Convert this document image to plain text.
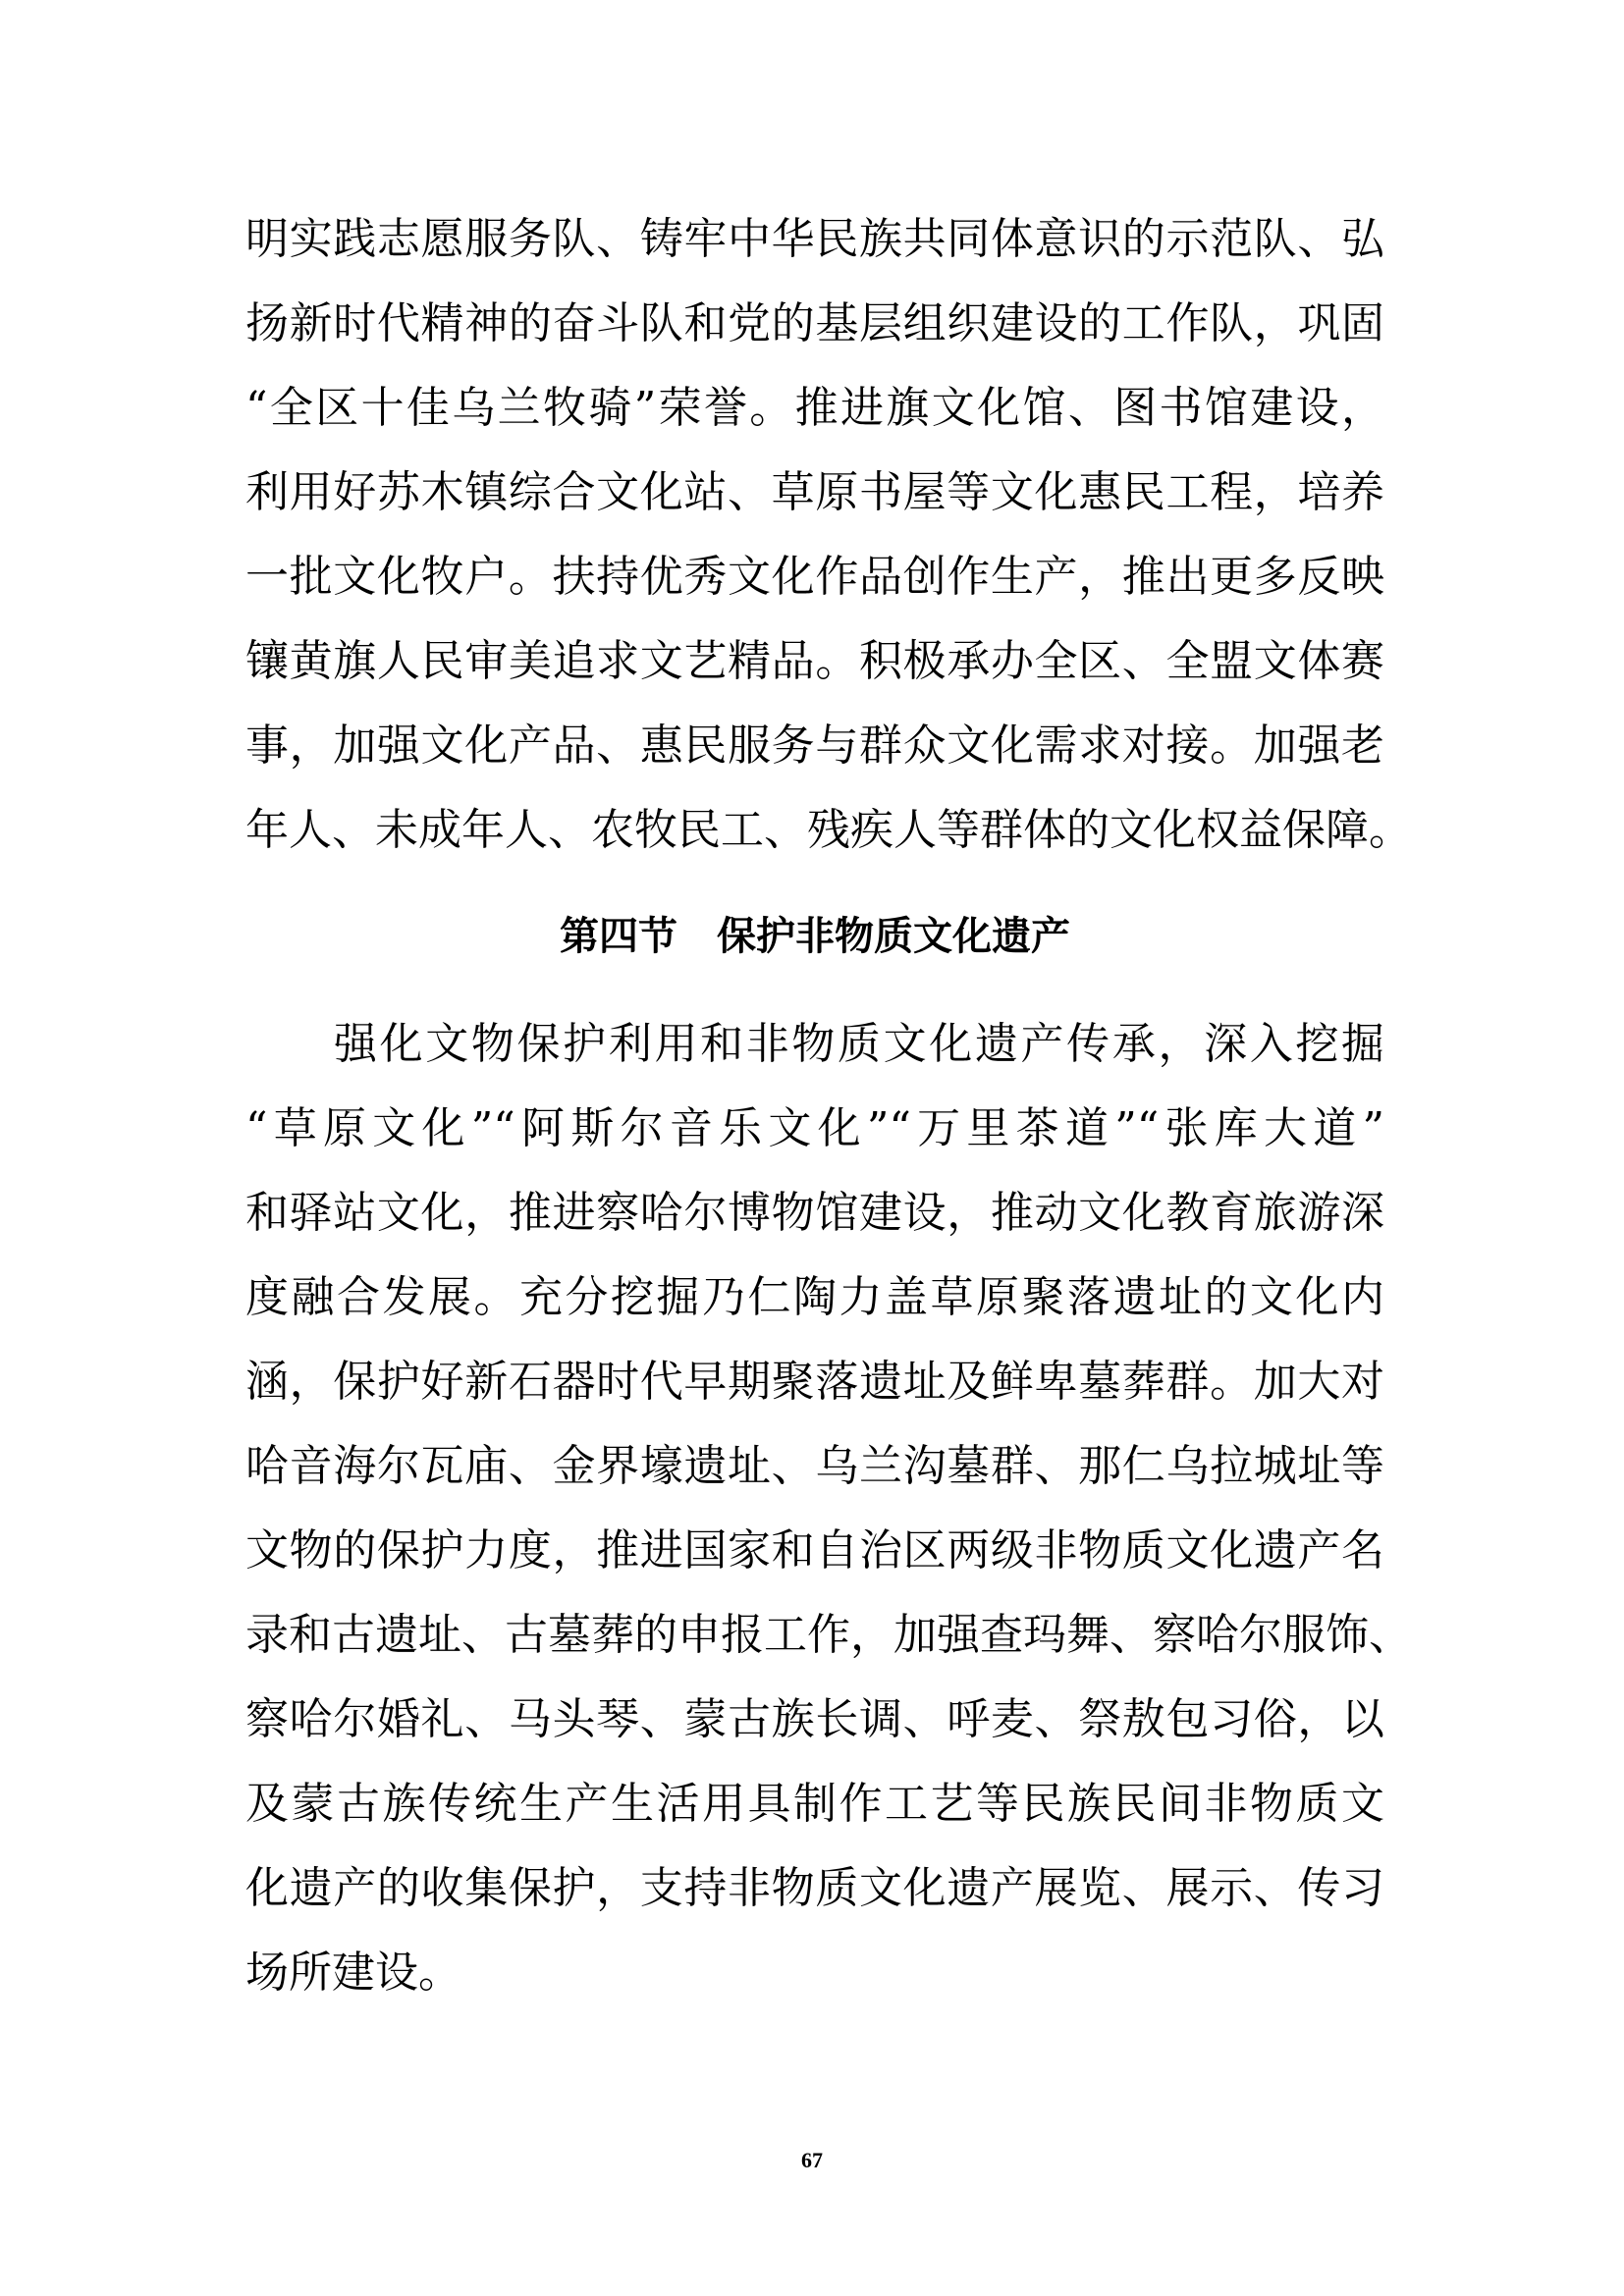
明实践志愿服务队、铸牢中华民族共同体意识的示范队、弘
扬新时代精神的奋斗队和党的基层组织建设的工作队，巩固
“全区十佳乌兰牧骑”荣誉。推进旗文化馆、图书馆建设，
利用好苏木镇综合文化站、草原书屋等文化惠民工程，培养
一批文化牧户。扶持优秀文化作品创作生产，推出更多反映
镶黄旗人民审美追求文艺精品。积极承办全区、全盟文体赛
事，加强文化产品、惠民服务与群众文化需求对接。加强老
年人、未成年人、农牧民工、残疾人等群体的文化权益保障。
第四节　保护非物质文化遗产
强化文物保护利用和非物质文化遗产传承，深入挖掘
“草原文化”“阿斯尔音乐文化”“万里茶道”“张库大道”
和驿站文化，推进察哈尔博物馆建设，推动文化教育旅游深
度融合发展。充分挖掘乃仁陶力盖草原聚落遗址的文化内
涵，保护好新石器时代早期聚落遗址及鲜卑墓葬群。加大对
哈音海尔瓦庙、金界壕遗址、乌兰沟墓群、那仁乌拉城址等
文物的保护力度，推进国家和自治区两级非物质文化遗产名
录和古遗址、古墓葬的申报工作，加强查玛舞、察哈尔服饰、
察哈尔婚礼、马头琴、蒙古族长调、呼麦、祭敖包习俗，以
及蒙古族传统生产生活用具制作工艺等民族民间非物质文
化遗产的收集保护，支持非物质文化遗产展览、展示、传习
场所建设。
67
